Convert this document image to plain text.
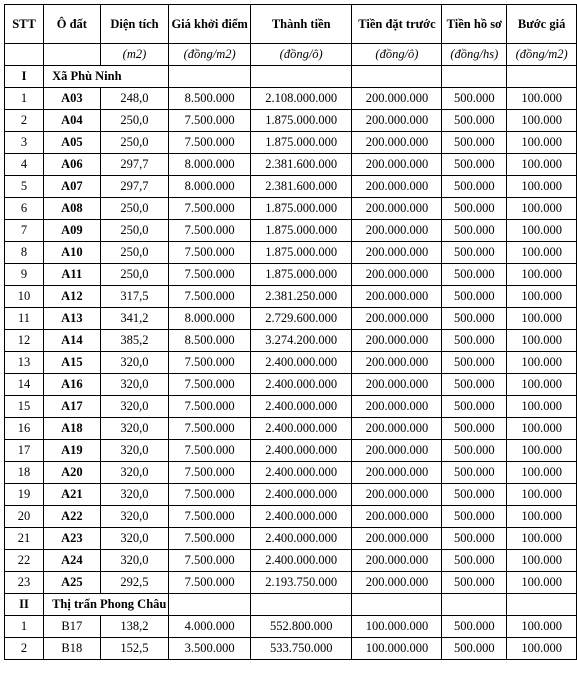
STT	Ô đất	Diện tích	Giá khởi điểm	Thành tiền	Tiền đặt trước	Tiền hồ sơ	Bước giá
		(m2)	(đồng/m2)	(đồng/ô)	(đồng/ô)	(đồng/hs)	(đồng/m2)
I	Xã Phù Ninh						
1	A03	248,0	8.500.000	2.108.000.000	200.000.000	500.000	100.000
2	A04	250,0	7.500.000	1.875.000.000	200.000.000	500.000	100.000
3	A05	250,0	7.500.000	1.875.000.000	200.000.000	500.000	100.000
4	A06	297,7	8.000.000	2.381.600.000	200.000.000	500.000	100.000
5	A07	297,7	8.000.000	2.381.600.000	200.000.000	500.000	100.000
6	A08	250,0	7.500.000	1.875.000.000	200.000.000	500.000	100.000
7	A09	250,0	7.500.000	1.875.000.000	200.000.000	500.000	100.000
8	A10	250,0	7.500.000	1.875.000.000	200.000.000	500.000	100.000
9	A11	250,0	7.500.000	1.875.000.000	200.000.000	500.000	100.000
10	A12	317,5	7.500.000	2.381.250.000	200.000.000	500.000	100.000
11	A13	341,2	8.000.000	2.729.600.000	200.000.000	500.000	100.000
12	A14	385,2	8.500.000	3.274.200.000	200.000.000	500.000	100.000
13	A15	320,0	7.500.000	2.400.000.000	200.000.000	500.000	100.000
14	A16	320,0	7.500.000	2.400.000.000	200.000.000	500.000	100.000
15	A17	320,0	7.500.000	2.400.000.000	200.000.000	500.000	100.000
16	A18	320,0	7.500.000	2.400.000.000	200.000.000	500.000	100.000
17	A19	320,0	7.500.000	2.400.000.000	200.000.000	500.000	100.000
18	A20	320,0	7.500.000	2.400.000.000	200.000.000	500.000	100.000
19	A21	320,0	7.500.000	2.400.000.000	200.000.000	500.000	100.000
20	A22	320,0	7.500.000	2.400.000.000	200.000.000	500.000	100.000
21	A23	320,0	7.500.000	2.400.000.000	200.000.000	500.000	100.000
22	A24	320,0	7.500.000	2.400.000.000	200.000.000	500.000	100.000
23	A25	292,5	7.500.000	2.193.750.000	200.000.000	500.000	100.000
II	Thị trấn Phong Châu						
1	B17	138,2	4.000.000	552.800.000	100.000.000	500.000	100.000
2	B18	152,5	3.500.000	533.750.000	100.000.000	500.000	100.000
